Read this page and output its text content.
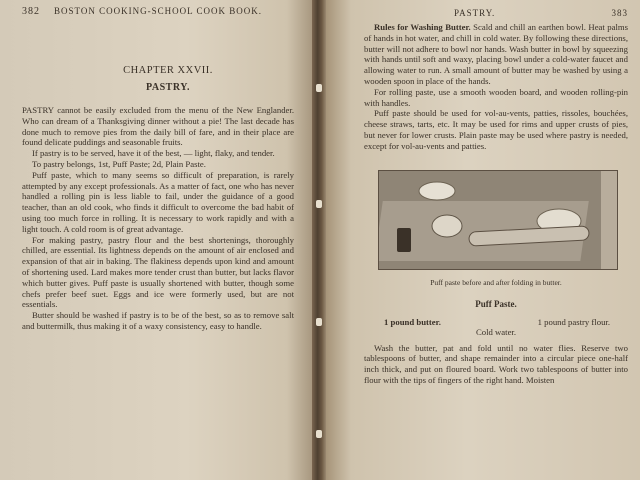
382 BOSTON COOKING-SCHOOL COOK BOOK.
CHAPTER XXVII.
PASTRY.

PASTRY cannot be easily excluded from the menu of the New Englander. Who can dream of a Thanksgiving dinner without a pie! The last decade has done much to remove pies from the daily bill of fare, and in their place are found delicate puddings and seasonable fruits.

If pastry is to be served, have it of the best, — light, flaky, and tender.

To pastry belongs, 1st, Puff Paste; 2d, Plain Paste.

Puff paste, which to many seems so difficult of preparation, is rarely attempted by any except professionals. As a matter of fact, one who has never handled a rolling pin is less liable to fail, under the guidance of a good teacher, than an old cook, who finds it difficult to overcome the bad habit of using too much force in rolling. It is necessary to work rapidly and with a light touch. A cold room is of great advantage.

For making pastry, pastry flour and the best shortenings, thoroughly chilled, are essential. Its lightness depends on the amount of air enclosed and expansion of that air in baking. The flakiness depends upon kind and amount of shortening used. Lard makes more tender crust than butter, but lacks flavor which butter gives. Puff paste is usually shortened with butter, though some chefs prefer beef suet. Eggs and ice were formerly used, but are not essentials.

Butter should be washed if pastry is to be of the best, so as to remove salt and buttermilk, thus making it of a waxy consistency, easy to handle.

PASTRY.	383

Rules for Washing Butter. Scald and chill an earthen bowl. Heat palms of hands in hot water, and chill in cold water. By following these directions, butter will not adhere to bowl nor hands. Wash butter in bowl by squeezing with hands until soft and waxy, placing bowl under a cold-water faucet and allowing water to run. A small amount of butter may be washed by using a wooden spoon in place of the hands.

For rolling paste, use a smooth wooden board, and wooden rolling-pin with handles.

Puff paste should be used for vol-au-vents, patties, rissoles, bouchées, cheese straws, tarts, etc. It may be used for rims and upper crusts of pies, but never for lower crusts. Plain paste may be used where pastry is needed, except for vol-au-vents and patties.

Puff paste before and after folding in butter.
Puff Paste.
1 pound butter.	1 pound pastry flour.
Cold water.

Wash the butter, pat and fold until no water flies. Reserve two tablespoons of butter, and shape remainder into a circular piece one-half inch thick, and put on floured board. Work two tablespoons of butter into flour with the tips of fingers of the right hand. Moisten
